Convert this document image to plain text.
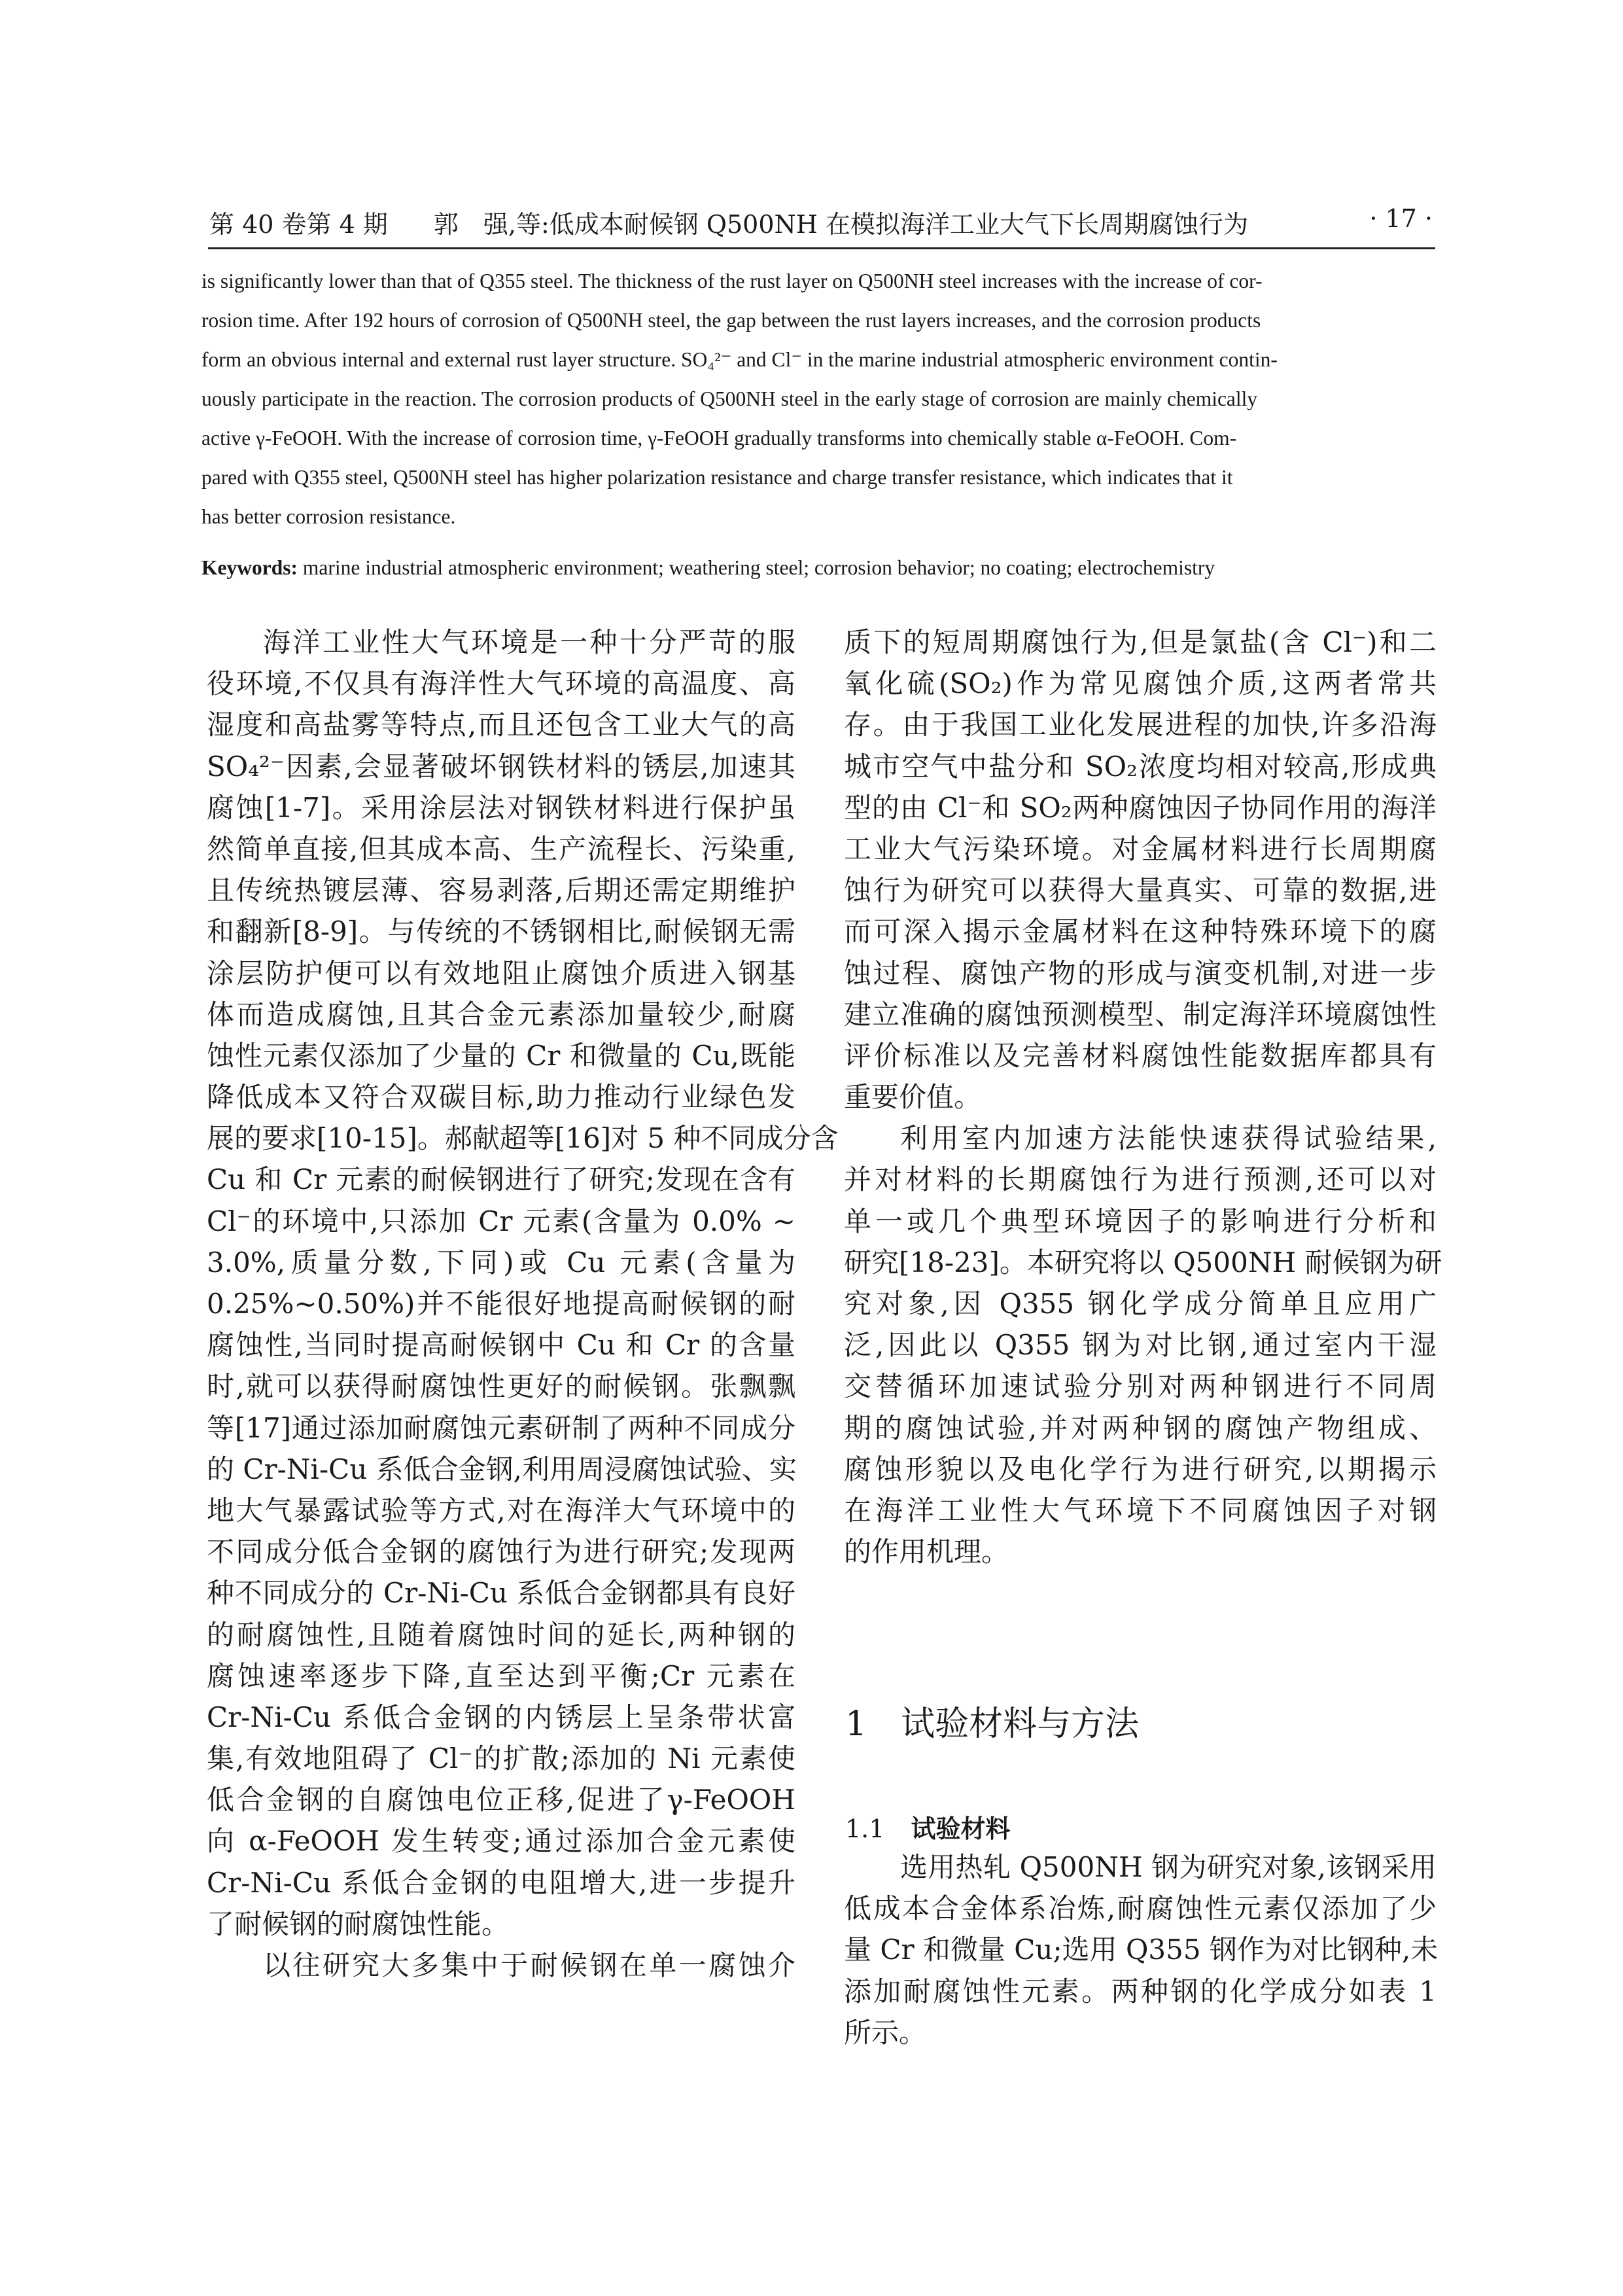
第 40 卷第 4 期 郭　强,等:低成本耐候钢 Q500NH 在模拟海洋工业大气下长周期腐蚀行为	· 17 ·
is significantly lower than that of Q355 steel. The thickness of the rust layer on Q500NH steel increases with the increase of cor-
rosion time. After 192 hours of corrosion of Q500NH steel, the gap between the rust layers increases, and the corrosion products
form an obvious internal and external rust layer structure. SO₄²⁻ and Cl⁻ in the marine industrial atmospheric environment contin-
uously participate in the reaction. The corrosion products of Q500NH steel in the early stage of corrosion are mainly chemically
active γ-FeOOH. With the increase of corrosion time, γ-FeOOH gradually transforms into chemically stable α-FeOOH. Com-
pared with Q355 steel, Q500NH steel has higher polarization resistance and charge transfer resistance, which indicates that it
has better corrosion resistance.
Keywords: marine industrial atmospheric environment; weathering steel; corrosion behavior; no coating; electrochemistry
海洋工业性大气环境是一种十分严苛的服
役环境,不仅具有海洋性大气环境的高温度、高
湿度和高盐雾等特点,而且还包含工业大气的高
SO₄²⁻因素,会显著破坏钢铁材料的锈层,加速其
腐蚀[1-7]。采用涂层法对钢铁材料进行保护虽
然简单直接,但其成本高、生产流程长、污染重,
且传统热镀层薄、容易剥落,后期还需定期维护
和翻新[8-9]。与传统的不锈钢相比,耐候钢无需
涂层防护便可以有效地阻止腐蚀介质进入钢基
体而造成腐蚀,且其合金元素添加量较少,耐腐
蚀性元素仅添加了少量的 Cr 和微量的 Cu,既能
降低成本又符合双碳目标,助力推动行业绿色发
展的要求[10-15]。郝献超等[16]对 5 种不同成分含
Cu 和 Cr 元素的耐候钢进行了研究;发现在含有
Cl⁻的环境中,只添加 Cr 元素(含量为 0.0% ~
3.0%,质量分数,下同)或 Cu 元素(含量为
0.25%~0.50%)并不能很好地提高耐候钢的耐
腐蚀性,当同时提高耐候钢中 Cu 和 Cr 的含量
时,就可以获得耐腐蚀性更好的耐候钢。张飘飘
等[17]通过添加耐腐蚀元素研制了两种不同成分
的 Cr-Ni-Cu 系低合金钢,利用周浸腐蚀试验、实
地大气暴露试验等方式,对在海洋大气环境中的
不同成分低合金钢的腐蚀行为进行研究;发现两
种不同成分的 Cr-Ni-Cu 系低合金钢都具有良好
的耐腐蚀性,且随着腐蚀时间的延长,两种钢的
腐蚀速率逐步下降,直至达到平衡;Cr 元素在
Cr-Ni-Cu 系低合金钢的内锈层上呈条带状富
集,有效地阻碍了 Cl⁻的扩散;添加的 Ni 元素使
低合金钢的自腐蚀电位正移,促进了γ-FeOOH
向 α-FeOOH 发生转变;通过添加合金元素使
Cr-Ni-Cu 系低合金钢的电阻增大,进一步提升
了耐候钢的耐腐蚀性能。
以往研究大多集中于耐候钢在单一腐蚀介
质下的短周期腐蚀行为,但是氯盐(含 Cl⁻)和二
氧化硫(SO₂)作为常见腐蚀介质,这两者常共
存。由于我国工业化发展进程的加快,许多沿海
城市空气中盐分和 SO₂浓度均相对较高,形成典
型的由 Cl⁻和 SO₂两种腐蚀因子协同作用的海洋
工业大气污染环境。对金属材料进行长周期腐
蚀行为研究可以获得大量真实、可靠的数据,进
而可深入揭示金属材料在这种特殊环境下的腐
蚀过程、腐蚀产物的形成与演变机制,对进一步
建立准确的腐蚀预测模型、制定海洋环境腐蚀性
评价标准以及完善材料腐蚀性能数据库都具有
重要价值。
利用室内加速方法能快速获得试验结果,
并对材料的长期腐蚀行为进行预测,还可以对
单一或几个典型环境因子的影响进行分析和
研究[18-23]。本研究将以 Q500NH 耐候钢为研
究对象,因 Q355 钢化学成分简单且应用广
泛,因此以 Q355 钢为对比钢,通过室内干湿
交替循环加速试验分别对两种钢进行不同周
期的腐蚀试验,并对两种钢的腐蚀产物组成、
腐蚀形貌以及电化学行为进行研究,以期揭示
在海洋工业性大气环境下不同腐蚀因子对钢
的作用机理。
1 试验材料与方法
1.1 试验材料
选用热轧 Q500NH 钢为研究对象,该钢采用
低成本合金体系冶炼,耐腐蚀性元素仅添加了少
量 Cr 和微量 Cu;选用 Q355 钢作为对比钢种,未
添加耐腐蚀性元素。两种钢的化学成分如表 1
所示。
